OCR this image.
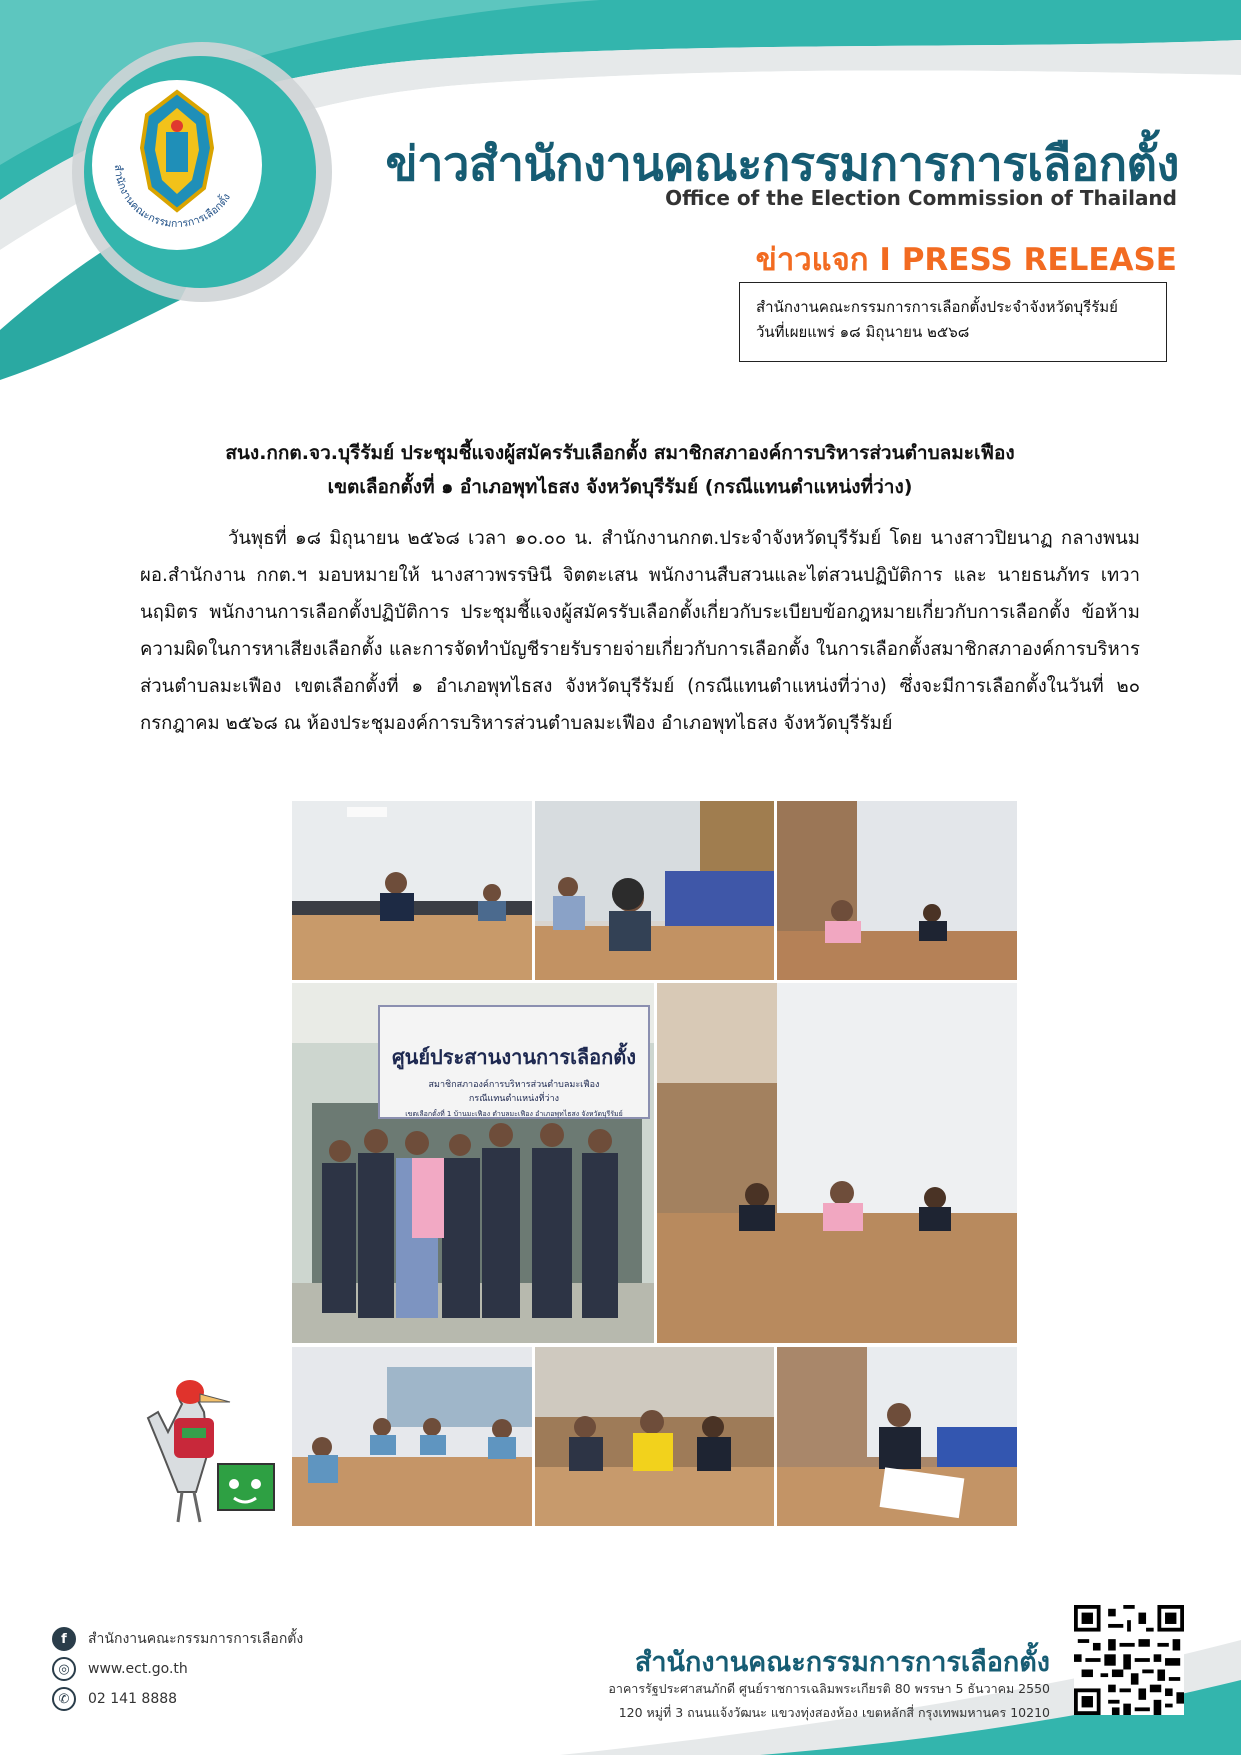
สำนักงานคณะกรรมการการเลือกตั้ง
ข่าวสำนักงานคณะกรรมการการเลือกตั้ง
Office of the Election Commission of Thailand
ข่าวแจก I PRESS RELEASE
สำนักงานคณะกรรมการการเลือกตั้งประจำจังหวัดบุรีรัมย์
วันที่เผยแพร่ ๑๘ มิถุนายน ๒๕๖๘
สนง.กกต.จว.บุรีรัมย์ ประชุมชี้แจงผู้สมัครรับเลือกตั้ง สมาชิกสภาองค์การบริหารส่วนตำบลมะเฟือง
เขตเลือกตั้งที่ ๑ อำเภอพุทไธสง จังหวัดบุรีรัมย์ (กรณีแทนตำแหน่งที่ว่าง)

วันพุธที่ ๑๘ มิถุนายน ๒๕๖๘ เวลา ๑๐.๐๐ น. สำนักงานกกต.ประจำจังหวัดบุรีรัมย์ โดย นางสาวปิยนาฏ กลางพนม ผอ.สำนักงาน กกต.ฯ มอบหมายให้ นางสาวพรรษินี จิตตะเสน พนักงานสืบสวนและไต่สวนปฏิบัติการ และ นายธนภัทร เทวานฤมิตร พนักงานการเลือกตั้งปฏิบัติการ ประชุมชี้แจงผู้สมัครรับเลือกตั้งเกี่ยวกับระเบียบข้อกฎหมายเกี่ยวกับการเลือกตั้ง ข้อห้ามความผิดในการหาเสียงเลือกตั้ง และการจัดทำบัญชีรายรับรายจ่ายเกี่ยวกับการเลือกตั้ง ในการเลือกตั้งสมาชิกสภาองค์การบริหารส่วนตำบลมะเฟือง เขตเลือกตั้งที่ ๑ อำเภอพุทไธสง จังหวัดบุรีรัมย์ (กรณีแทนตำแหน่งที่ว่าง) ซึ่งจะมีการเลือกตั้งในวันที่ ๒๐ กรกฎาคม ๒๕๖๘ ณ ห้องประชุมองค์การบริหารส่วนตำบลมะเฟือง อำเภอพุทไธสง จังหวัดบุรีรัมย์

ศูนย์ประสานงานการเลือกตั้ง
สมาชิกสภาองค์การบริหารส่วนตำบลมะเฟือง
กรณีแทนตำแหน่งที่ว่าง
เขตเลือกตั้งที่ 1 บ้านมะเฟือง ตำบลมะเฟือง อำเภอพุทไธสง จังหวัดบุรีรัมย์
f	สำนักงานคณะกรรมการการเลือกตั้ง
◎	www.ect.go.th
✆	02 141 8888
สำนักงานคณะกรรมการการเลือกตั้ง
อาคารรัฐประศาสนภักดี ศูนย์ราชการเฉลิมพระเกียรติ 80 พรรษา 5 ธันวาคม 2550
120 หมู่ที่ 3 ถนนแจ้งวัฒนะ แขวงทุ่งสองห้อง เขตหลักสี่ กรุงเทพมหานคร 10210
